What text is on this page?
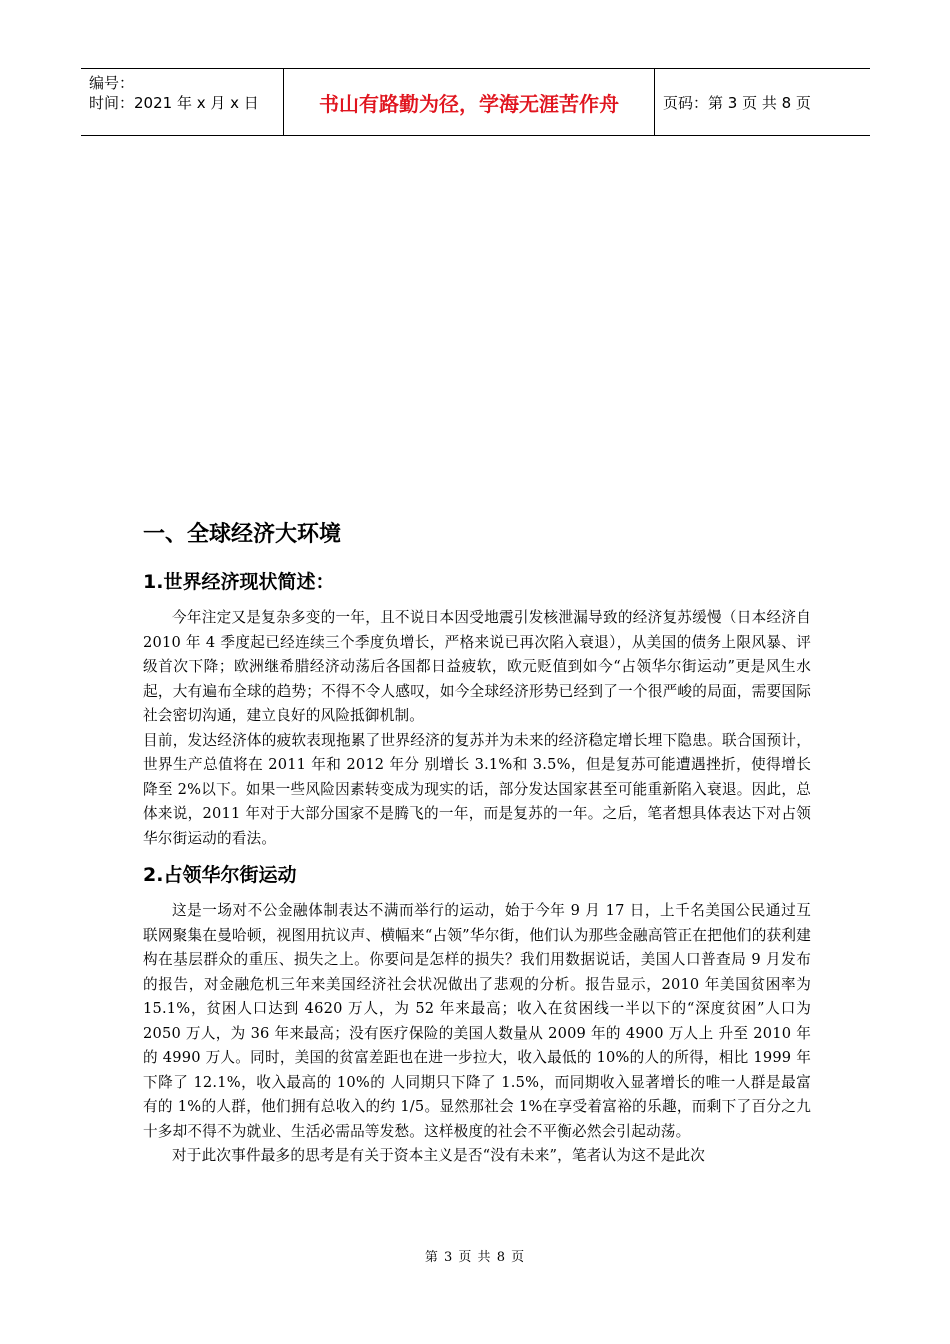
编号：
时间：2021 年 x 月 x 日	书山有路勤为径，学海无涯苦作舟	页码：第 3 页 共 8 页
一、全球经济大环境
1.世界经济现状简述：

今年注定又是复杂多变的一年，且不说日本因受地震引发核泄漏导致的经济复苏缓慢（日本经济自 2010 年 4 季度起已经连续三个季度负增长，严格来说已再次陷入衰退），从美国的债务上限风暴、评级首次下降；欧洲继希腊经济动荡后各国都日益疲软，欧元贬值到如今“占领华尔街运动”更是风生水起，大有遍布全球的趋势；不得不令人感叹，如今全球经济形势已经到了一个很严峻的局面，需要国际社会密切沟通，建立良好的风险抵御机制。

目前，发达经济体的疲软表现拖累了世界经济的复苏并为未来的经济稳定增长埋下隐患。联合国预计，世界生产总值将在 2011 年和 2012 年分 别增长 3.1%和 3.5%，但是复苏可能遭遇挫折，使得增长降至 2%以下。如果一些风险因素转变成为现实的话，部分发达国家甚至可能重新陷入衰退。因此，总体来说，2011 年对于大部分国家不是腾飞的一年，而是复苏的一年。之后，笔者想具体表达下对占领华尔街运动的看法。

2.占领华尔街运动

这是一场对不公金融体制表达不满而举行的运动，始于今年 9 月 17 日，上千名美国公民通过互联网聚集在曼哈顿，视图用抗议声、横幅来“占领”华尔街，他们认为那些金融高管正在把他们的获利建构在基层群众的重压、损失之上。你要问是怎样的损失？我们用数据说话，美国人口普查局 9 月发布的报告，对金融危机三年来美国经济社会状况做出了悲观的分析。报告显示，2010 年美国贫困率为 15.1%，贫困人口达到 4620 万人，为 52 年来最高；收入在贫困线一半以下的“深度贫困”人口为 2050 万人，为 36 年来最高；没有医疗保险的美国人数量从 2009 年的 4900 万人上 升至 2010 年的 4990 万人。同时，美国的贫富差距也在进一步拉大，收入最低的 10%的人的所得，相比 1999 年下降了 12.1%，收入最高的 10%的 人同期只下降了 1.5%，而同期收入显著增长的唯一人群是最富有的 1%的人群，他们拥有总收入的约 1/5。显然那社会 1%在享受着富裕的乐趣，而剩下了百分之九十多却不得不为就业、生活必需品等发愁。这样极度的社会不平衡必然会引起动荡。

对于此次事件最多的思考是有关于资本主义是否“没有未来”，笔者认为这不是此次

第 3 页 共 8 页
